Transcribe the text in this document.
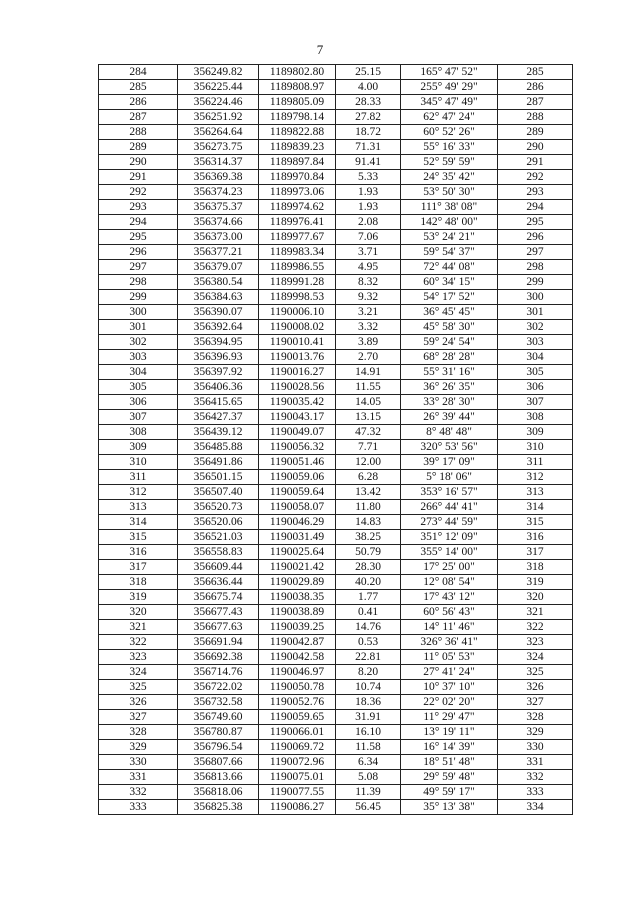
7
284	356249.82	1189802.80	25.15	165° 47' 52"	285
285	356225.44	1189808.97	4.00	255° 49' 29"	286
286	356224.46	1189805.09	28.33	345° 47' 49"	287
287	356251.92	1189798.14	27.82	62° 47' 24"	288
288	356264.64	1189822.88	18.72	60° 52' 26"	289
289	356273.75	1189839.23	71.31	55° 16' 33"	290
290	356314.37	1189897.84	91.41	52° 59' 59"	291
291	356369.38	1189970.84	5.33	24° 35' 42"	292
292	356374.23	1189973.06	1.93	53° 50' 30"	293
293	356375.37	1189974.62	1.93	111° 38' 08"	294
294	356374.66	1189976.41	2.08	142° 48' 00"	295
295	356373.00	1189977.67	7.06	53° 24' 21"	296
296	356377.21	1189983.34	3.71	59° 54' 37"	297
297	356379.07	1189986.55	4.95	72° 44' 08"	298
298	356380.54	1189991.28	8.32	60° 34' 15"	299
299	356384.63	1189998.53	9.32	54° 17' 52"	300
300	356390.07	1190006.10	3.21	36° 45' 45"	301
301	356392.64	1190008.02	3.32	45° 58' 30"	302
302	356394.95	1190010.41	3.89	59° 24' 54"	303
303	356396.93	1190013.76	2.70	68° 28' 28"	304
304	356397.92	1190016.27	14.91	55° 31' 16"	305
305	356406.36	1190028.56	11.55	36° 26' 35"	306
306	356415.65	1190035.42	14.05	33° 28' 30"	307
307	356427.37	1190043.17	13.15	26° 39' 44"	308
308	356439.12	1190049.07	47.32	8° 48' 48"	309
309	356485.88	1190056.32	7.71	320° 53' 56"	310
310	356491.86	1190051.46	12.00	39° 17' 09"	311
311	356501.15	1190059.06	6.28	5° 18' 06"	312
312	356507.40	1190059.64	13.42	353° 16' 57"	313
313	356520.73	1190058.07	11.80	266° 44' 41"	314
314	356520.06	1190046.29	14.83	273° 44' 59"	315
315	356521.03	1190031.49	38.25	351° 12' 09"	316
316	356558.83	1190025.64	50.79	355° 14' 00"	317
317	356609.44	1190021.42	28.30	17° 25' 00"	318
318	356636.44	1190029.89	40.20	12° 08' 54"	319
319	356675.74	1190038.35	1.77	17° 43' 12"	320
320	356677.43	1190038.89	0.41	60° 56' 43"	321
321	356677.63	1190039.25	14.76	14° 11' 46"	322
322	356691.94	1190042.87	0.53	326° 36' 41"	323
323	356692.38	1190042.58	22.81	11° 05' 53"	324
324	356714.76	1190046.97	8.20	27° 41' 24"	325
325	356722.02	1190050.78	10.74	10° 37' 10"	326
326	356732.58	1190052.76	18.36	22° 02' 20"	327
327	356749.60	1190059.65	31.91	11° 29' 47"	328
328	356780.87	1190066.01	16.10	13° 19' 11"	329
329	356796.54	1190069.72	11.58	16° 14' 39"	330
330	356807.66	1190072.96	6.34	18° 51' 48"	331
331	356813.66	1190075.01	5.08	29° 59' 48"	332
332	356818.06	1190077.55	11.39	49° 59' 17"	333
333	356825.38	1190086.27	56.45	35° 13' 38"	334
